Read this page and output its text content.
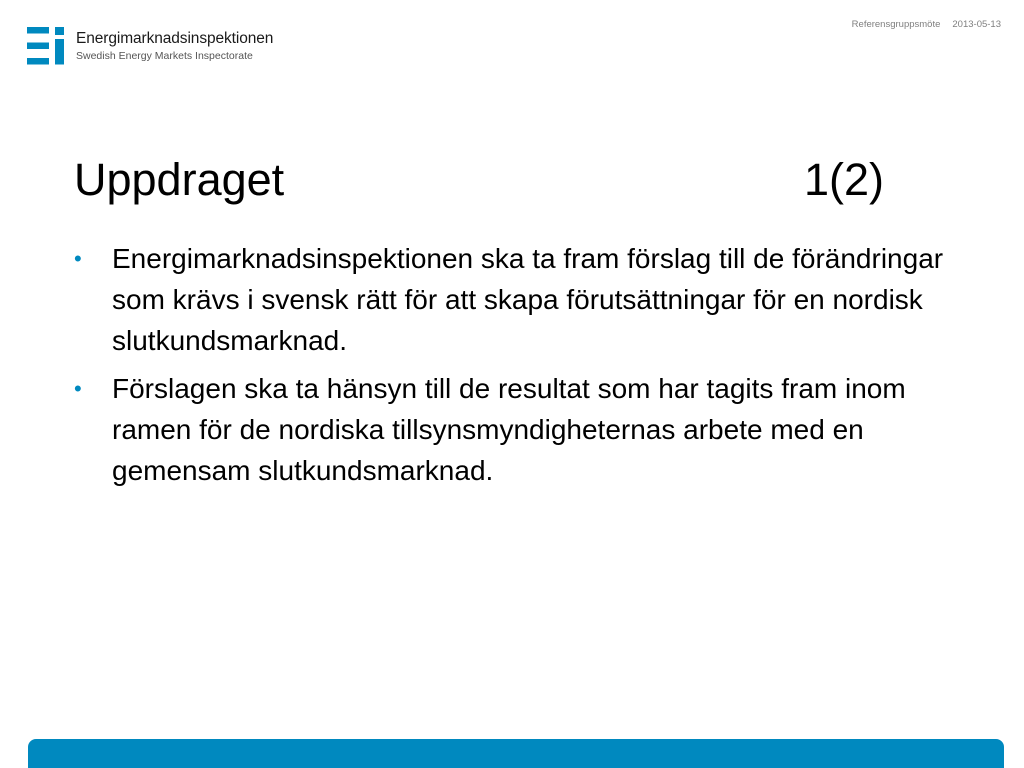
Energimarknadsinspektionen
Swedish Energy Markets Inspectorate
Referensgruppsmöte 2013-05-13
Uppdraget	1(2)
• Energimarknadsinspektionen ska ta fram förslag till de förändringar som krävs i svensk rätt för att skapa förutsättningar för en nordisk slutkundsmarknad.
• Förslagen ska ta hänsyn till de resultat som har tagits fram inom ramen för de nordiska tillsynsmyndigheternas arbete med en gemensam slutkundsmarknad.
